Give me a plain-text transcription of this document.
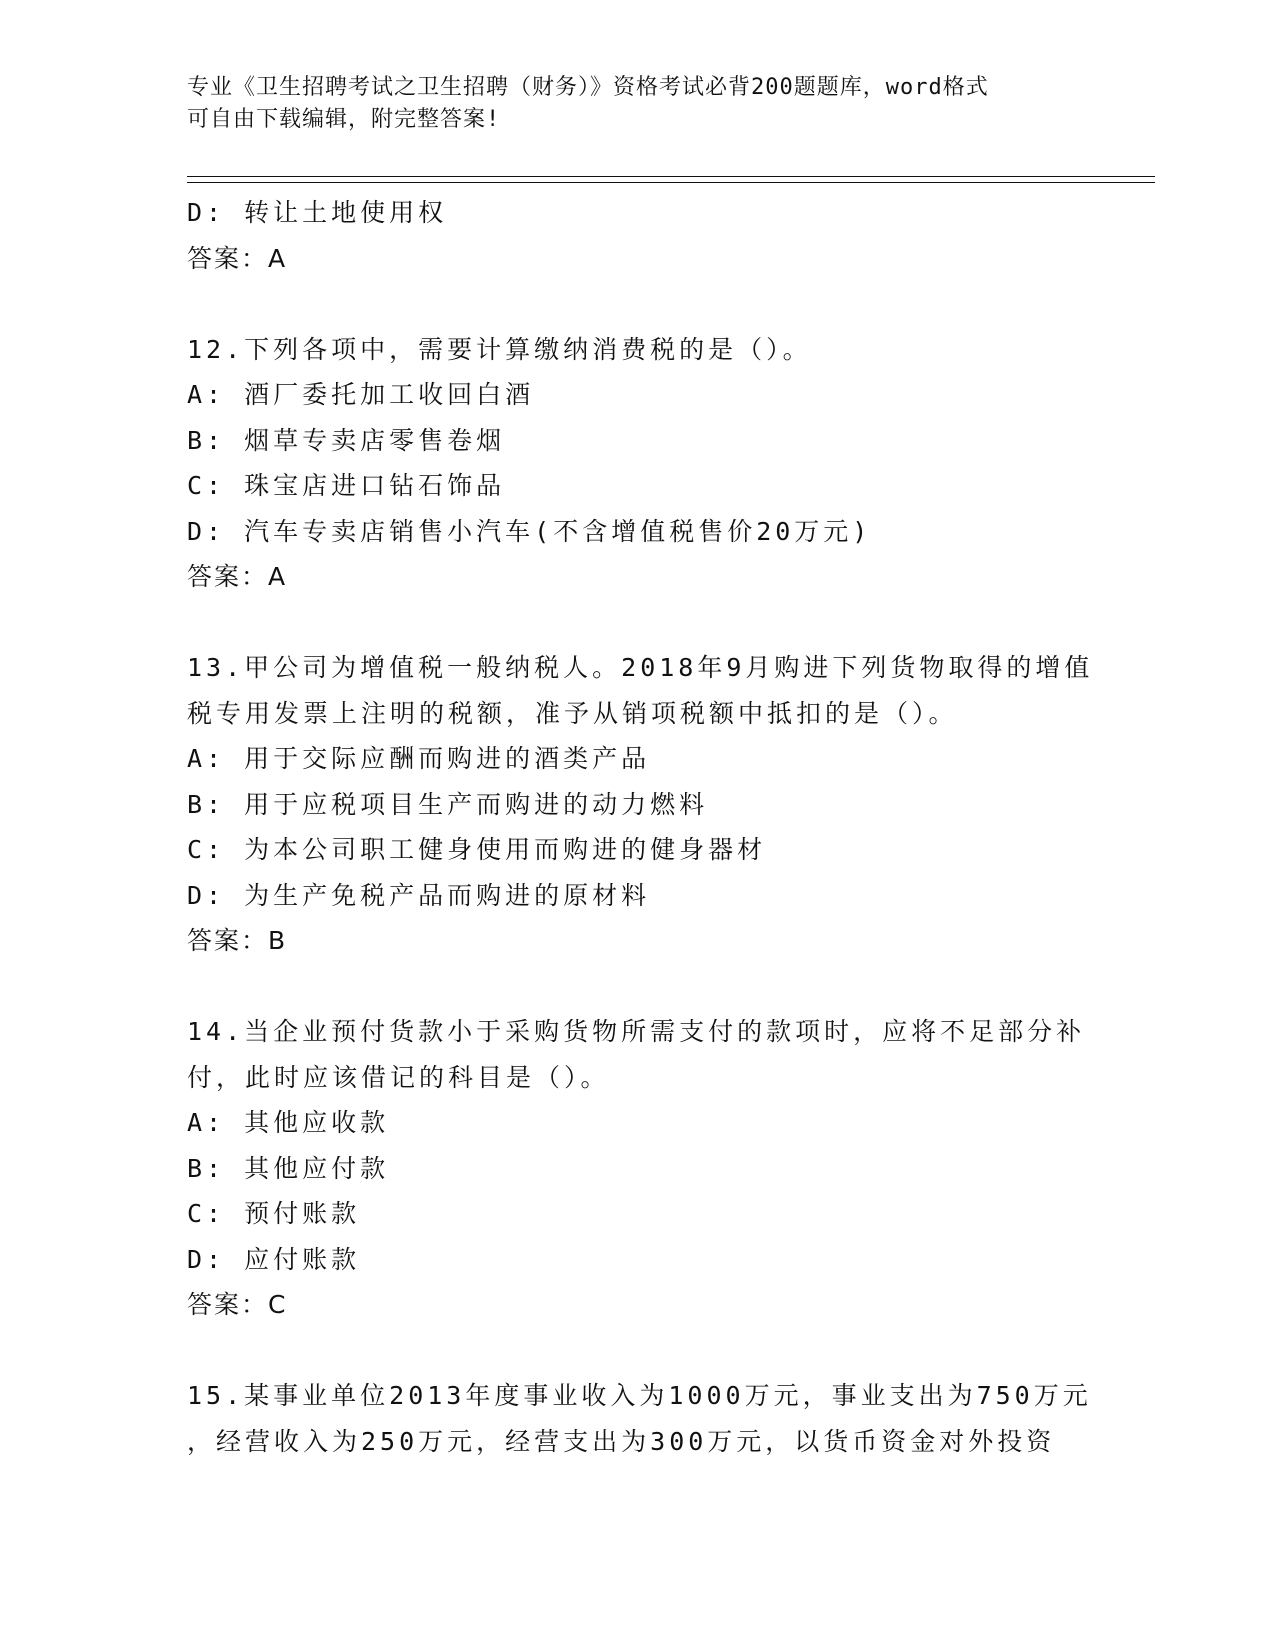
专业《卫生招聘考试之卫生招聘（财务）》资格考试必背200题题库，word格式
可自由下载编辑，附完整答案!
D: 转让土地使用权
答案：A
12.下列各项中，需要计算缴纳消费税的是（）。
A: 酒厂委托加工收回白酒
B: 烟草专卖店零售卷烟
C: 珠宝店进口钻石饰品
D: 汽车专卖店销售小汽车(不含增值税售价20万元)
答案：A
13.甲公司为增值税一般纳税人。2018年9月购进下列货物取得的增值
税专用发票上注明的税额，准予从销项税额中抵扣的是（）。
A: 用于交际应酬而购进的酒类产品
B: 用于应税项目生产而购进的动力燃料
C: 为本公司职工健身使用而购进的健身器材
D: 为生产免税产品而购进的原材料
答案：B
14.当企业预付货款小于采购货物所需支付的款项时，应将不足部分补
付，此时应该借记的科目是（）。
A: 其他应收款
B: 其他应付款
C: 预付账款
D: 应付账款
答案：C
15.某事业单位2013年度事业收入为1000万元，事业支出为750万元
，经营收入为250万元，经营支出为300万元，以货币资金对外投资
